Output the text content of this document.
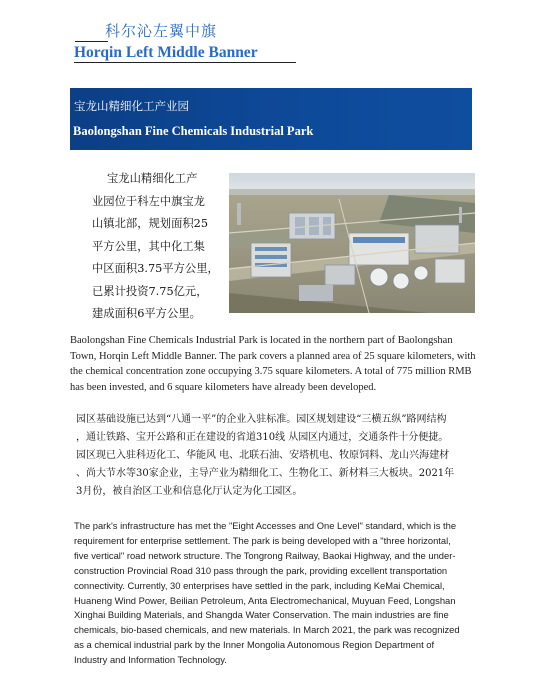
科尔沁左翼中旗
Horqin Left Middle Banner
宝龙山精细化工产业园
Baolongshan Fine Chemicals Industrial Park
宝龙山精细化工产
业园位于科左中旗宝龙
山镇北部，规划面积25
平方公里，其中化工集
中区面积3.75平方公里，
已累计投资7.75亿元，
建成面积6平方公里。
Baolongshan Fine Chemicals Industrial Park is located in the northern part of Baolongshan
Town, Horqin Left Middle Banner. The park covers a planned area of 25 square kilometers, with
the chemical concentration zone occupying 3.75 square kilometers. A total of 775 million RMB
has been invested, and 6 square kilometers have already been developed.
园区基础设施已达到“八通一平”的企业入驻标准。园区规划建设“三横五纵”路网结构
，通让铁路、宝开公路和正在建设的省道310线 从园区内通过，交通条件十分便捷。
园区现已入驻科迈化工、华能风 电、北联石油、安塔机电、牧原饲料、龙山兴海建材
、尚大节水等30家企业，主导产业为精细化工、生物化工、新材料三大板块。2021年
3月份，被自治区工业和信息化厅认定为化工园区。
The park's infrastructure has met the "Eight Accesses and One Level" standard, which is the
requirement for enterprise settlement. The park is being developed with a "three horizontal,
five vertical" road network structure. The Tongrong Railway, Baokai Highway, and the under-
construction Provincial Road 310 pass through the park, providing excellent transportation
connectivity. Currently, 30 enterprises have settled in the park, including KeMai Chemical,
Huaneng Wind Power, Beilian Petroleum, Anta Electromechanical, Muyuan Feed, Longshan
Xinghai Building Materials, and Shangda Water Conservation. The main industries are fine
chemicals, bio-based chemicals, and new materials. In March 2021, the park was recognized
as a chemical industrial park by the Inner Mongolia Autonomous Region Department of
Industry and Information Technology.
